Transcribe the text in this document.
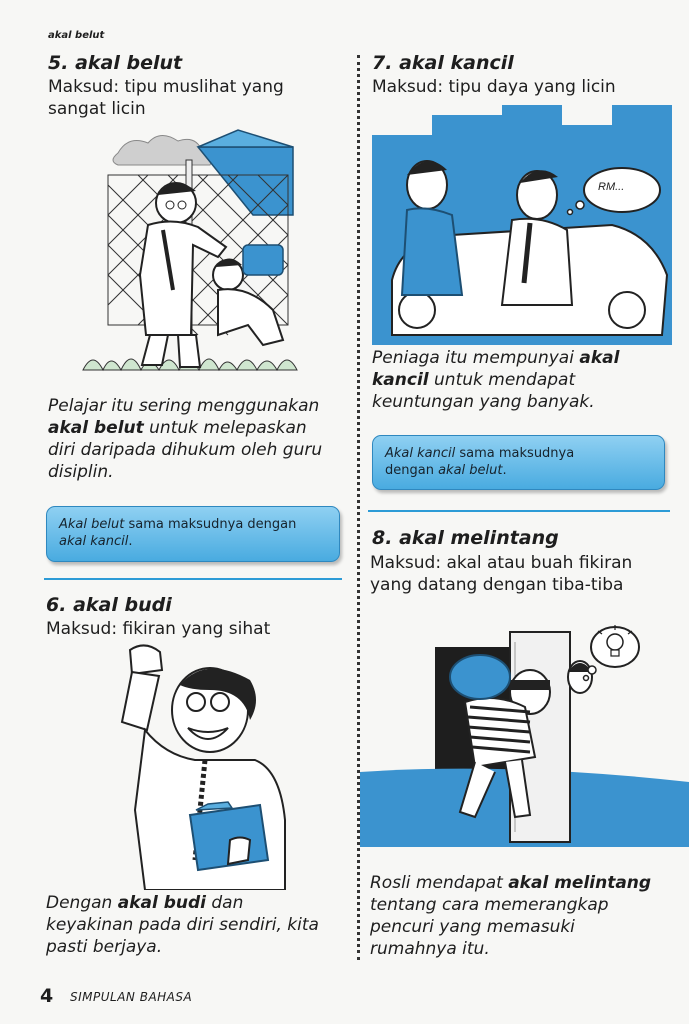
akal belut
5. akal belut
Maksud: tipu muslihat yang
sangat licin
Pelajar itu sering menggunakan
akal belut untuk melepaskan
diri daripada dihukum oleh guru
disiplin.
Akal belut sama maksudnya dengan
akal kancil.
6. akal budi
Maksud: fikiran yang sihat
Dengan akal budi dan
keyakinan pada diri sendiri, kita
pasti berjaya.
7. akal kancil
Maksud: tipu daya yang licin
RM...
Peniaga itu mempunyai akal
kancil untuk mendapat
keuntungan yang banyak.
Akal kancil sama maksudnya
dengan akal belut.
8. akal melintang
Maksud: akal atau buah fikiran
yang datang dengan tiba-tiba
Rosli mendapat akal melintang
tentang cara memerangkap
pencuri yang memasuki
rumahnya itu.
4 SIMPULAN BAHASA
